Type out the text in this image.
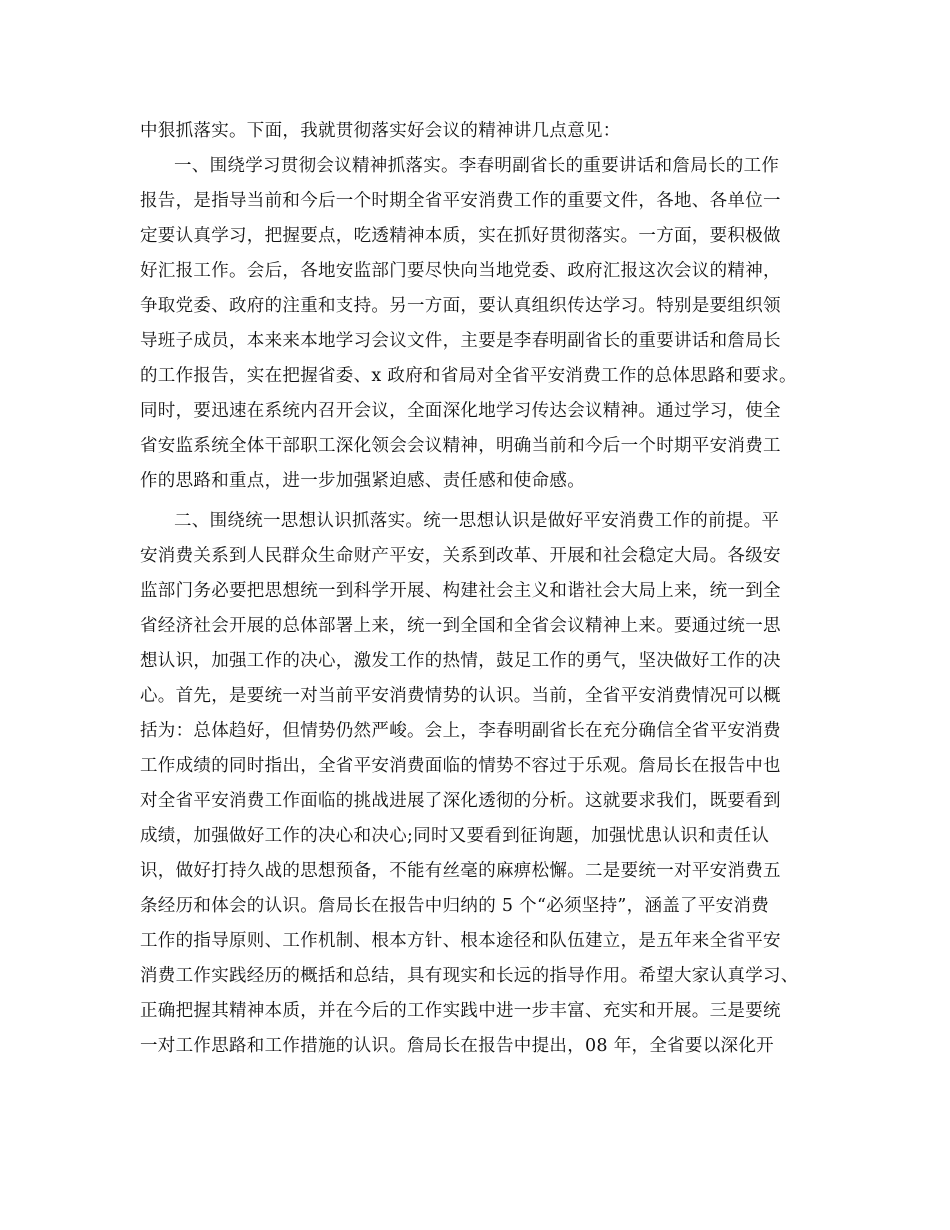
中狠抓落实。下面，我就贯彻落实好会议的精神讲几点意见：
一、围绕学习贯彻会议精神抓落实。李春明副省长的重要讲话和詹局长的工作
报告，是指导当前和今后一个时期全省平安消费工作的重要文件，各地、各单位一
定要认真学习，把握要点，吃透精神本质，实在抓好贯彻落实。一方面，要积极做
好汇报工作。会后，各地安监部门要尽快向当地党委、政府汇报这次会议的精神，
争取党委、政府的注重和支持。另一方面，要认真组织传达学习。特别是要组织领
导班子成员，本来来本地学习会议文件，主要是李春明副省长的重要讲话和詹局长
的工作报告，实在把握省委、x 政府和省局对全省平安消费工作的总体思路和要求。
同时，要迅速在系统内召开会议，全面深化地学习传达会议精神。通过学习，使全
省安监系统全体干部职工深化领会会议精神，明确当前和今后一个时期平安消费工
作的思路和重点，进一步加强紧迫感、责任感和使命感。
二、围绕统一思想认识抓落实。统一思想认识是做好平安消费工作的前提。平
安消费关系到人民群众生命财产平安，关系到改革、开展和社会稳定大局。各级安
监部门务必要把思想统一到科学开展、构建社会主义和谐社会大局上来，统一到全
省经济社会开展的总体部署上来，统一到全国和全省会议精神上来。要通过统一思
想认识，加强工作的决心，激发工作的热情，鼓足工作的勇气，坚决做好工作的决
心。首先，是要统一对当前平安消费情势的认识。当前，全省平安消费情况可以概
括为：总体趋好，但情势仍然严峻。会上，李春明副省长在充分确信全省平安消费
工作成绩的同时指出，全省平安消费面临的情势不容过于乐观。詹局长在报告中也
对全省平安消费工作面临的挑战进展了深化透彻的分析。这就要求我们，既要看到
成绩，加强做好工作的决心和决心;同时又要看到征询题，加强忧患认识和责任认
识，做好打持久战的思想预备，不能有丝毫的麻痹松懈。二是要统一对平安消费五
条经历和体会的认识。詹局长在报告中归纳的 5 个“必须坚持”，涵盖了平安消费
工作的指导原则、工作机制、根本方针、根本途径和队伍建立，是五年来全省平安
消费工作实践经历的概括和总结，具有现实和长远的指导作用。希望大家认真学习、
正确把握其精神本质，并在今后的工作实践中进一步丰富、充实和开展。三是要统
一对工作思路和工作措施的认识。詹局长在报告中提出，08 年，全省要以深化开
